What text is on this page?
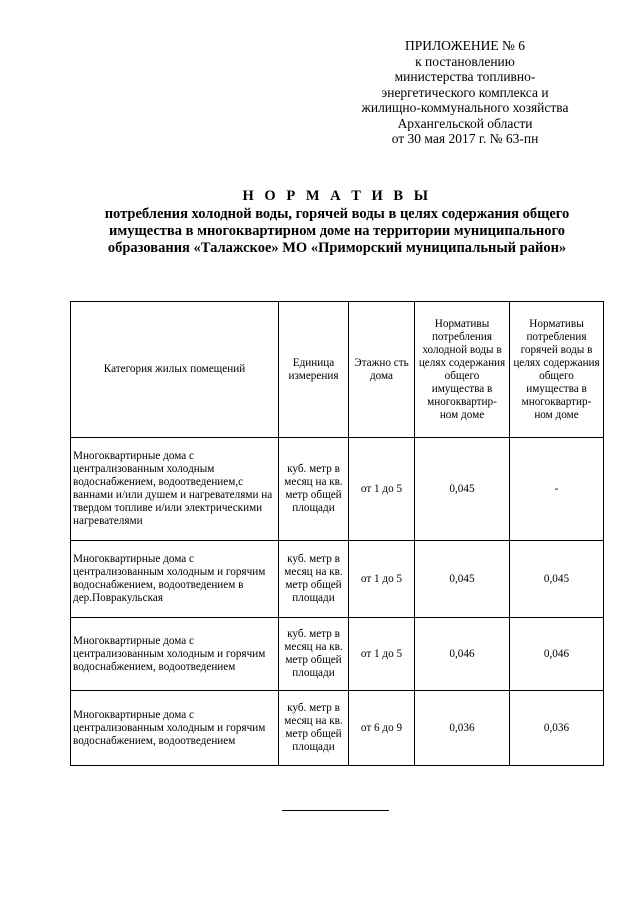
ПРИЛОЖЕНИЕ № 6
к постановлению
министерства топливно-
энергетического комплекса и
жилищно-коммунального хозяйства
Архангельской области
от 30 мая 2017 г. № 63-пн
Н О Р М А Т И В Ы
потребления холодной воды, горячей воды в целях содержания общего
имущества в многоквартирном доме на территории муниципального
образования «Талажское» МО «Приморский муниципальный район»
Категория жилых помещений	Единица измерения	Этажно сть дома	Нормативы потребления холодной воды в целях содержания общего имущества в многоквартир- ном доме	Нормативы потребления горячей воды в целях содержания общего имущества в многоквартир- ном доме
Многоквартирные дома с централизованным холодным водоснабжением, водоотведением,с ваннами и/или душем и нагревателями на твердом топливе и/или электрическими нагревателями	куб. метр в месяц на кв. метр общей площади	от 1 до 5	0,045	-
Многоквартирные дома с централизованным холодным и горячим водоснабжением, водоотведением в дер.Повракульская	куб. метр в месяц на кв. метр общей площади	от 1 до 5	0,045	0,045
Многоквартирные дома с централизованным холодным и горячим водоснабжением, водоотведением	куб. метр в месяц на кв. метр общей площади	от 1 до 5	0,046	0,046
Многоквартирные дома с централизованным холодным и горячим водоснабжением, водоотведением	куб. метр в месяц на кв. метр общей площади	от 6 до 9	0,036	0,036
